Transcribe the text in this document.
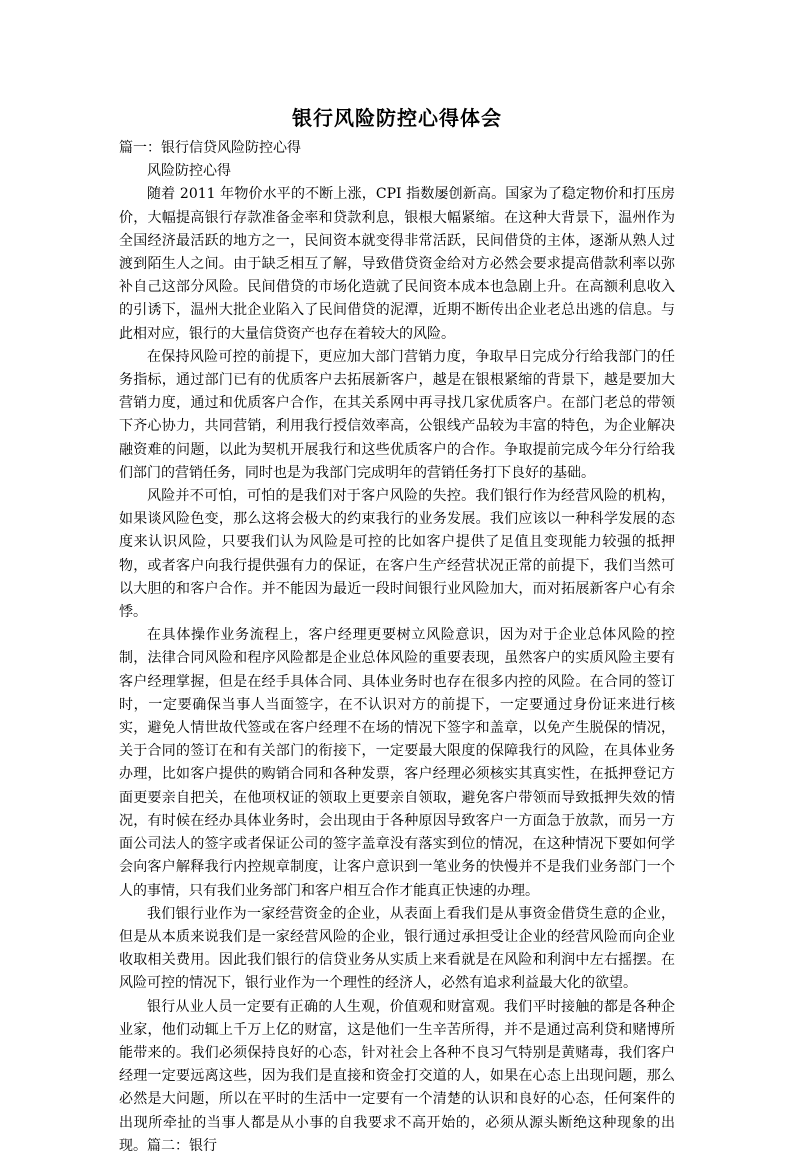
银行风险防控心得体会

篇一：银行信贷风险防控心得

风险防控心得

随着 2011 年物价水平的不断上涨，CPI 指数屡创新高。国家为了稳定物价和打压房价，大幅提高银行存款准备金率和贷款利息，银根大幅紧缩。在这种大背景下，温州作为全国经济最活跃的地方之一，民间资本就变得非常活跃，民间借贷的主体，逐渐从熟人过渡到陌生人之间。由于缺乏相互了解，导致借贷资金给对方必然会要求提高借款利率以弥补自己这部分风险。民间借贷的市场化造就了民间资本成本也急剧上升。在高额利息收入的引诱下，温州大批企业陷入了民间借贷的泥潭，近期不断传出企业老总出逃的信息。与此相对应，银行的大量信贷资产也存在着较大的风险。

在保持风险可控的前提下，更应加大部门营销力度，争取早日完成分行给我部门的任务指标，通过部门已有的优质客户去拓展新客户，越是在银根紧缩的背景下，越是要加大营销力度，通过和优质客户合作，在其关系网中再寻找几家优质客户。在部门老总的带领下齐心协力，共同营销，利用我行授信效率高，公银线产品较为丰富的特色，为企业解决融资难的问题，以此为契机开展我行和这些优质客户的合作。争取提前完成今年分行给我们部门的营销任务，同时也是为我部门完成明年的营销任务打下良好的基础。

风险并不可怕，可怕的是我们对于客户风险的失控。我们银行作为经营风险的机构，如果谈风险色变，那么这将会极大的约束我行的业务发展。我们应该以一种科学发展的态度来认识风险，只要我们认为风险是可控的比如客户提供了足值且变现能力较强的抵押物，或者客户向我行提供强有力的保证，在客户生产经营状况正常的前提下，我们当然可以大胆的和客户合作。并不能因为最近一段时间银行业风险加大，而对拓展新客户心有余悸。

在具体操作业务流程上，客户经理更要树立风险意识，因为对于企业总体风险的控制，法律合同风险和程序风险都是企业总体风险的重要表现，虽然客户的实质风险主要有客户经理掌握，但是在经手具体合同、具体业务时也存在很多内控的风险。在合同的签订时，一定要确保当事人当面签字，在不认识对方的前提下，一定要通过身份证来进行核实，避免人情世故代签或在客户经理不在场的情况下签字和盖章，以免产生脱保的情况，关于合同的签订在和有关部门的衔接下，一定要最大限度的保障我行的风险，在具体业务办理，比如客户提供的购销合同和各种发票，客户经理必须核实其真实性，在抵押登记方面更要亲自把关，在他项权证的领取上更要亲自领取，避免客户带领而导致抵押失效的情况，有时候在经办具体业务时，会出现由于各种原因导致客户一方面急于放款，而另一方面公司法人的签字或者保证公司的签字盖章没有落实到位的情况，在这种情况下要如何学会向客户解释我行内控规章制度，让客户意识到一笔业务的快慢并不是我们业务部门一个人的事情，只有我们业务部门和客户相互合作才能真正快速的办理。

我们银行业作为一家经营资金的企业，从表面上看我们是从事资金借贷生意的企业，但是从本质来说我们是一家经营风险的企业，银行通过承担受让企业的经营风险而向企业收取相关费用。因此我们银行的信贷业务从实质上来看就是在风险和利润中左右摇摆。在风险可控的情况下，银行业作为一个理性的经济人，必然有追求利益最大化的欲望。

银行从业人员一定要有正确的人生观，价值观和财富观。我们平时接触的都是各种企业家，他们动辄上千万上亿的财富，这是他们一生辛苦所得，并不是通过高利贷和赌博所能带来的。我们必须保持良好的心态，针对社会上各种不良习气特别是黄赌毒，我们客户经理一定要远离这些，因为我们是直接和资金打交道的人，如果在心态上出现问题，那么必然是大问题，所以在平时的生活中一定要有一个清楚的认识和良好的心态，任何案件的出现所牵扯的当事人都是从小事的自我要求不高开始的，必须从源头断绝这种现象的出现。篇二：银行
